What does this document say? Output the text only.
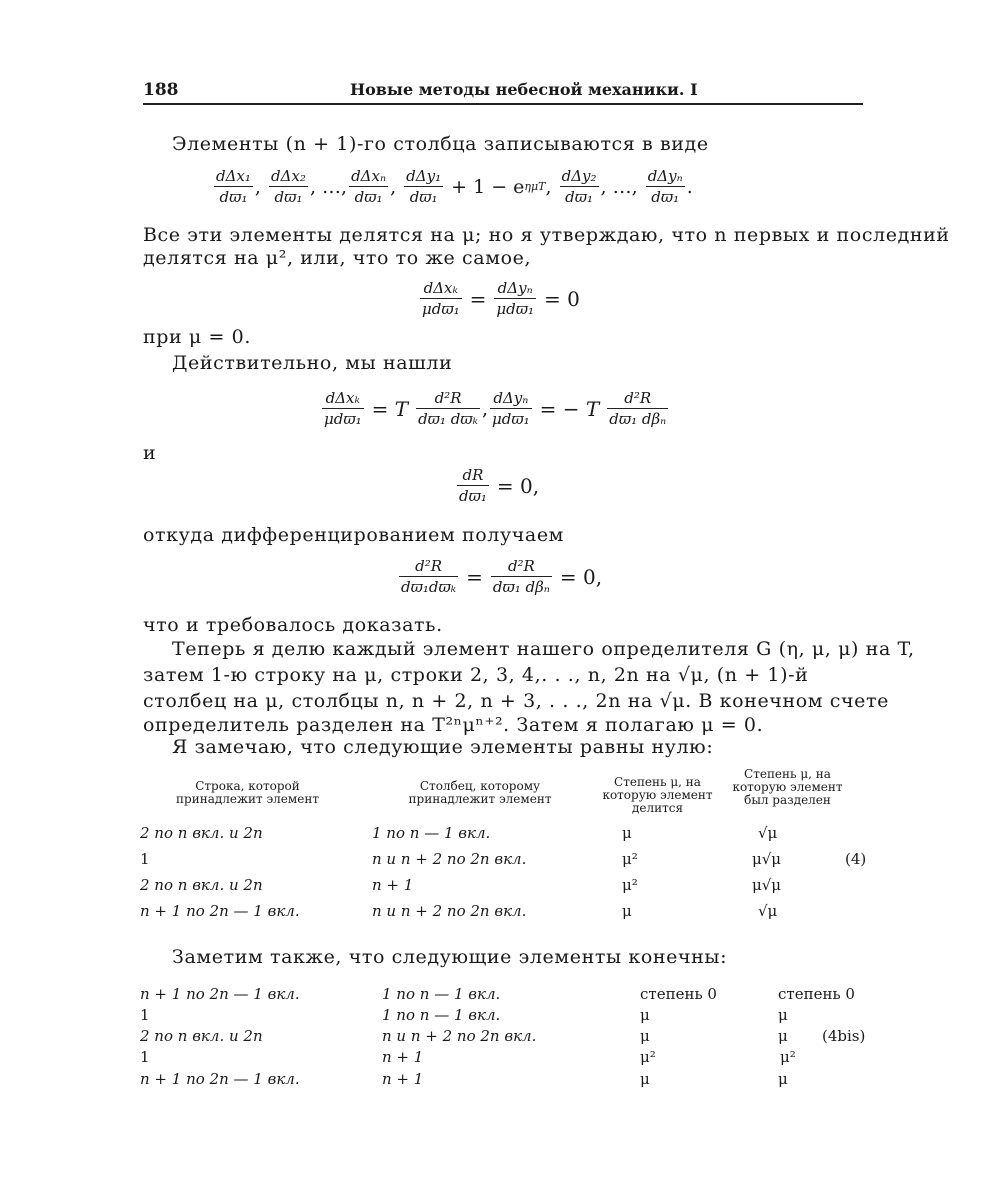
188	Новые методы небесной механики. I
Элементы (n + 1)-го столбца записываются в виде
$\frac{\text{dΔx₁}}{\text{dϖ₁}}$ ,
$\frac{\text{dΔx₂}}{\text{dϖ₁}}$ ,
…, $\frac{\text{dΔxₙ}}{\text{dϖ₁}}$ ,
$\frac{\text{dΔy₁}}{\text{dϖ₁}}$
+ 1 − e ημT ,
$\frac{\text{dΔy₂}}{\text{dϖ₁}}$ ,
…,
$\frac{\text{dΔyₙ}}{\text{dϖ₁}}$ .
Все эти элементы делятся на μ; но я утверждаю, что n первых и последний
делятся на μ², или, что то же самое,
$\frac{\text{dΔxₖ}}{\text{μdϖ₁}} = \frac{\text{dΔyₙ}}{\text{μdϖ₁}} = 0$
при μ = 0.
Действительно, мы нашли
$\frac{\text{dΔxₖ}}{\text{μdϖ₁}} = T \frac{\text{d²R}}{\text{dϖ₁ dϖₖ}}$ , $\frac{\text{dΔyₙ}}{\text{μdϖ₁}}$ = − T $\frac{\text{d²R}}{\text{dϖ₁ dβₙ}}$
и
$\frac{dR}{\text{dϖ₁}} = 0$,
откуда дифференцированием получаем
$\frac{\text{d²R}}{\text{dϖ₁dϖₖ}} = \frac{\text{d²R}}{\text{dϖ₁ dβₙ}} = 0$,
что и требовалось доказать.
Теперь я делю каждый элемент нашего определителя G (η, μ, μ) на T,
затем 1-ю строку на μ, строки 2, 3, 4,. . ., n, 2n на √μ, (n + 1)-й
столбец на μ, столбцы n, n + 2, n + 3, . . ., 2n на √μ. В конечном счете
определитель разделен на T²ⁿμⁿ⁺². Затем я полагаю μ = 0.
Я замечаю, что следующие элементы равны нулю:
Строка, которой принадлежит элемент
Столбец, которому принадлежит элемент
Степень μ, на которую элемент делится
Степень μ, на которую элемент был разделен
2 по n вкл. и 2n	1 по n — 1 вкл.	μ	√μ
1	n и n + 2 по 2n вкл.	μ²	μ√μ	(4)
2 по n вкл. и 2n	n + 1	μ²	μ√μ
n + 1 по 2n — 1 вкл.	n и n + 2 по 2n вкл.	μ	√μ
Заметим также, что следующие элементы конечны:
n + 1 по 2n — 1 вкл.	1 по n — 1 вкл.	степень 0	степень 0
1	1 по n — 1 вкл.	μ	μ
2 по n вкл. и 2n	n и n + 2 по 2n вкл.	μ	μ (4bis)
1	n + 1	μ²	μ²
n + 1 по 2n — 1 вкл.	n + 1	μ	μ
